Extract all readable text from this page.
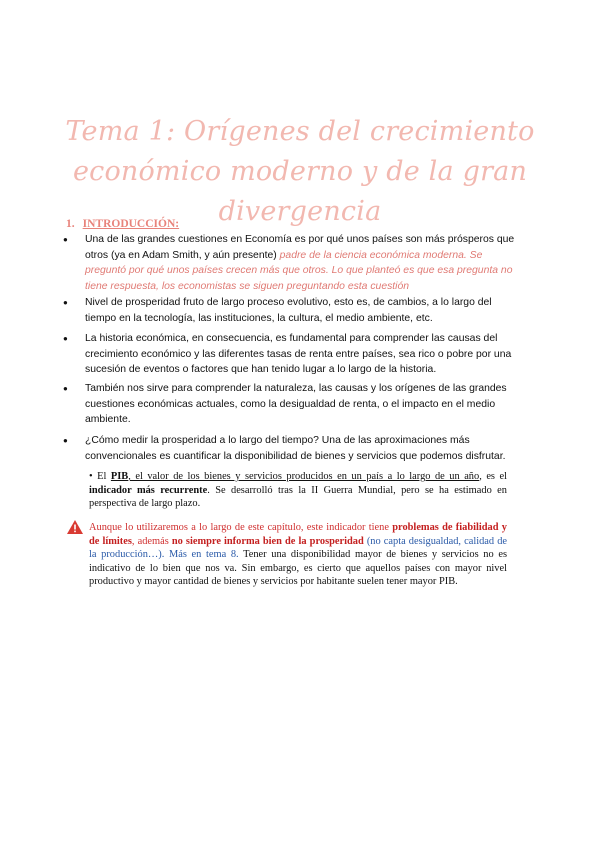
Tema 1: Orígenes del crecimiento económico moderno y de la gran divergencia
1. INTRODUCCIÓN:
● Una de las grandes cuestiones en Economía es por qué unos países son más prósperos que otros (ya en Adam Smith, y aún presente) padre de la ciencia económica moderna. Se preguntó por qué unos países crecen más que otros. Lo que planteó es que esa pregunta no tiene respuesta, los economistas se siguen preguntando esta cuestión
● Nivel de prosperidad fruto de largo proceso evolutivo, esto es, de cambios, a lo largo del tiempo en la tecnología, las instituciones, la cultura, el medio ambiente, etc.
● La historia económica, en consecuencia, es fundamental para comprender las causas del crecimiento económico y las diferentes tasas de renta entre países, sea rico o pobre por una sucesión de eventos o factores que han tenido lugar a lo largo de la historia.
● También nos sirve para comprender la naturaleza, las causas y los orígenes de las grandes cuestiones económicas actuales, como la desigualdad de renta, o el impacto en el medio ambiente.
● ¿Cómo medir la prosperidad a lo largo del tiempo? Una de las aproximaciones más convencionales es cuantificar la disponibilidad de bienes y servicios que podemos disfrutar.
• El PIB, el valor de los bienes y servicios producidos en un país a lo largo de un año, es el indicador más recurrente. Se desarrolló tras la II Guerra Mundial, pero se ha estimado en perspectiva de largo plazo.
Aunque lo utilizaremos a lo largo de este capítulo, este indicador tiene problemas de fiabilidad y de límites, además no siempre informa bien de la prosperidad (no capta desigualdad, calidad de la producción…). Más en tema 8. Tener una disponibilidad mayor de bienes y servicios no es indicativo de lo bien que nos va. Sin embargo, es cierto que aquellos países con mayor nivel productivo y mayor cantidad de bienes y servicios por habitante suelen tener mayor PIB.
